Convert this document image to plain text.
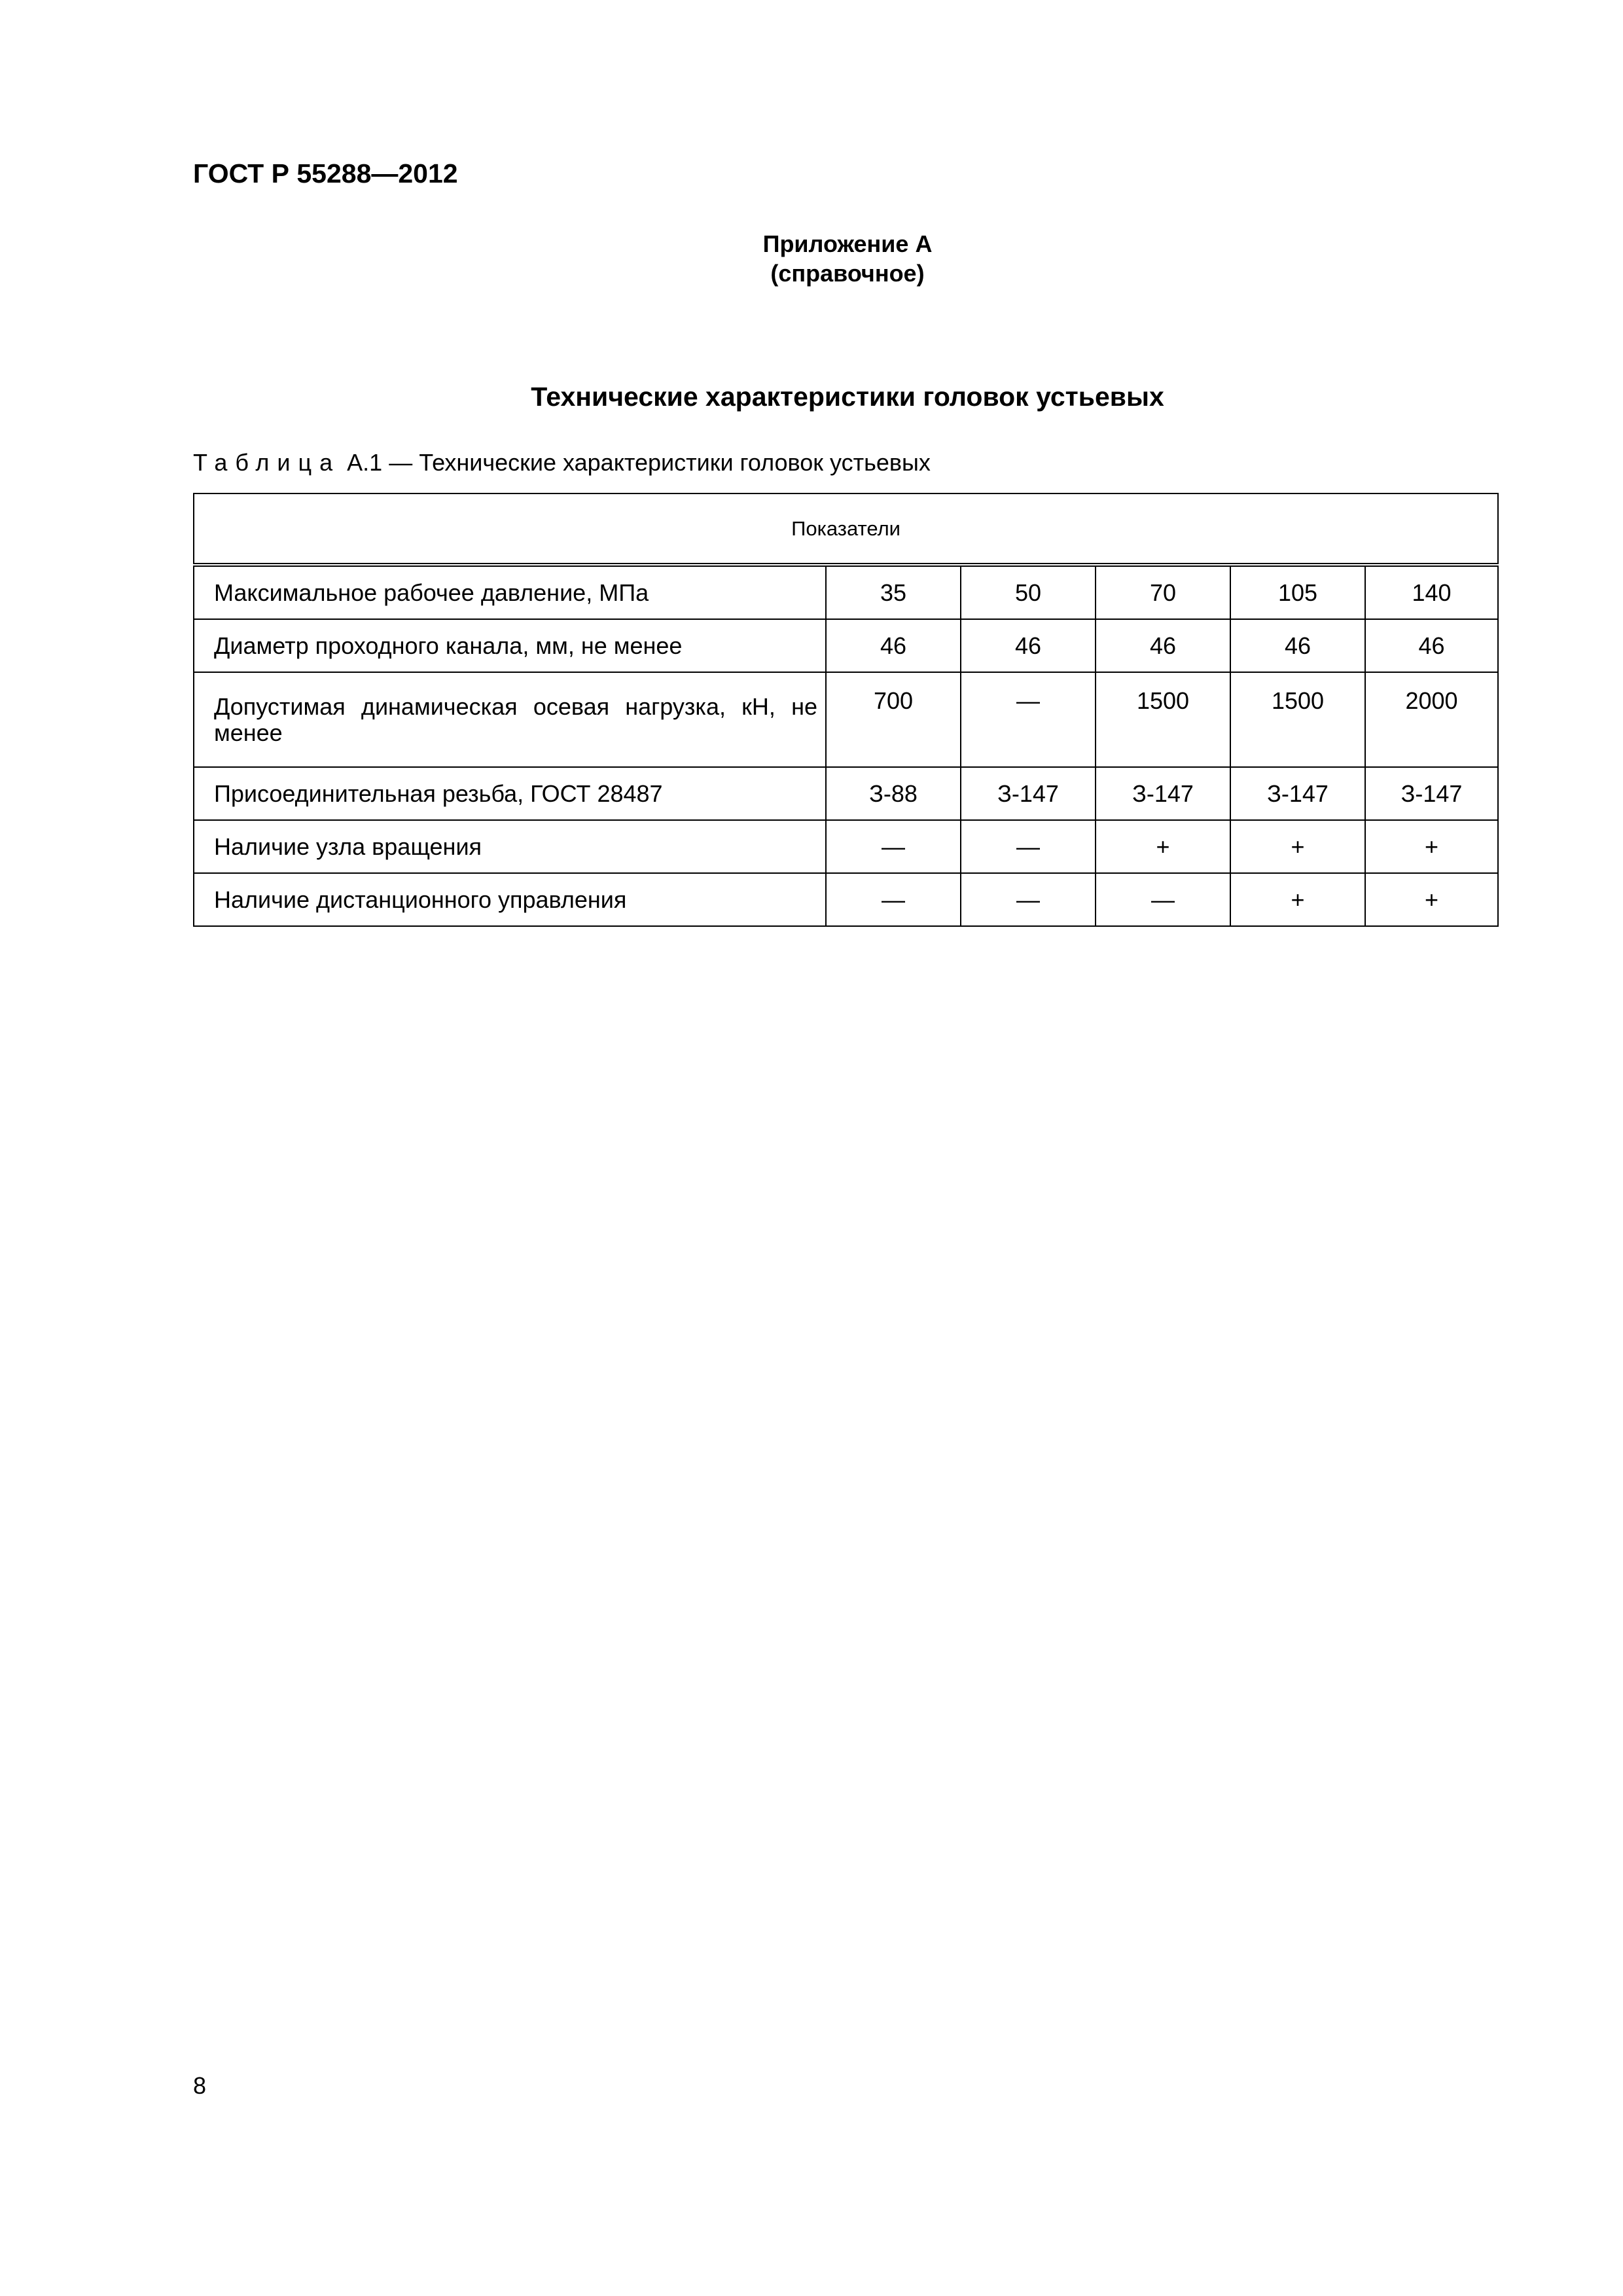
ГОСТ Р 55288—2012
Приложение А
(справочное)
Технические характеристики головок устьевых
Таблица А.1 — Технические характеристики головок устьевых
Показатели					
Максимальное рабочее давление, МПа	35	50	70	105	140
Диаметр проходного канала, мм, не менее	46	46	46	46	46
Допустимая динамическая осевая нагрузка, кН, не менее	700	—	1500	1500	2000
Присоединительная резьба, ГОСТ 28487	З-88	З-147	З-147	З-147	З-147
Наличие узла вращения	—	—	+	+	+
Наличие дистанционного управления	—	—	—	+	+
8
